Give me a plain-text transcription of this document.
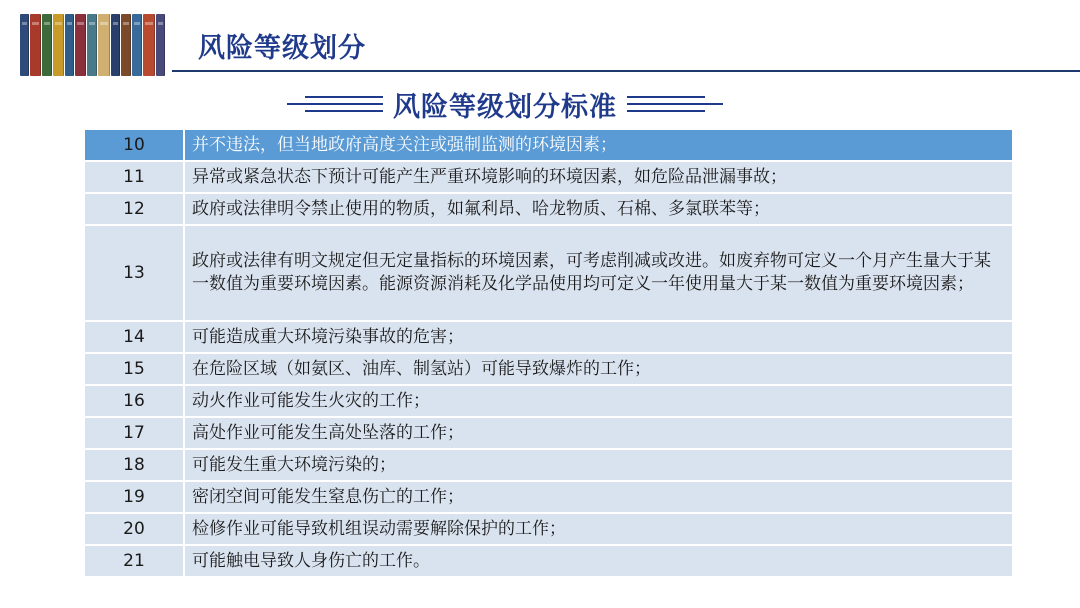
风险等级划分
风险等级划分标准
10	并不违法，但当地政府高度关注或强制监测的环境因素；
11	异常或紧急状态下预计可能产生严重环境影响的环境因素，如危险品泄漏事故；
12	政府或法律明令禁止使用的物质，如氟利昂、哈龙物质、石棉、多氯联苯等；
13	政府或法律有明文规定但无定量指标的环境因素，可考虑削减或改进。如废弃物可定义一个月产生量大于某一数值为重要环境因素。能源资源消耗及化学品使用均可定义一年使用量大于某一数值为重要环境因素；
14	可能造成重大环境污染事故的危害；
15	在危险区域（如氨区、油库、制氢站）可能导致爆炸的工作；
16	动火作业可能发生火灾的工作；
17	高处作业可能发生高处坠落的工作；
18	可能发生重大环境污染的；
19	密闭空间可能发生窒息伤亡的工作；
20	检修作业可能导致机组误动需要解除保护的工作；
21	可能触电导致人身伤亡的工作。
